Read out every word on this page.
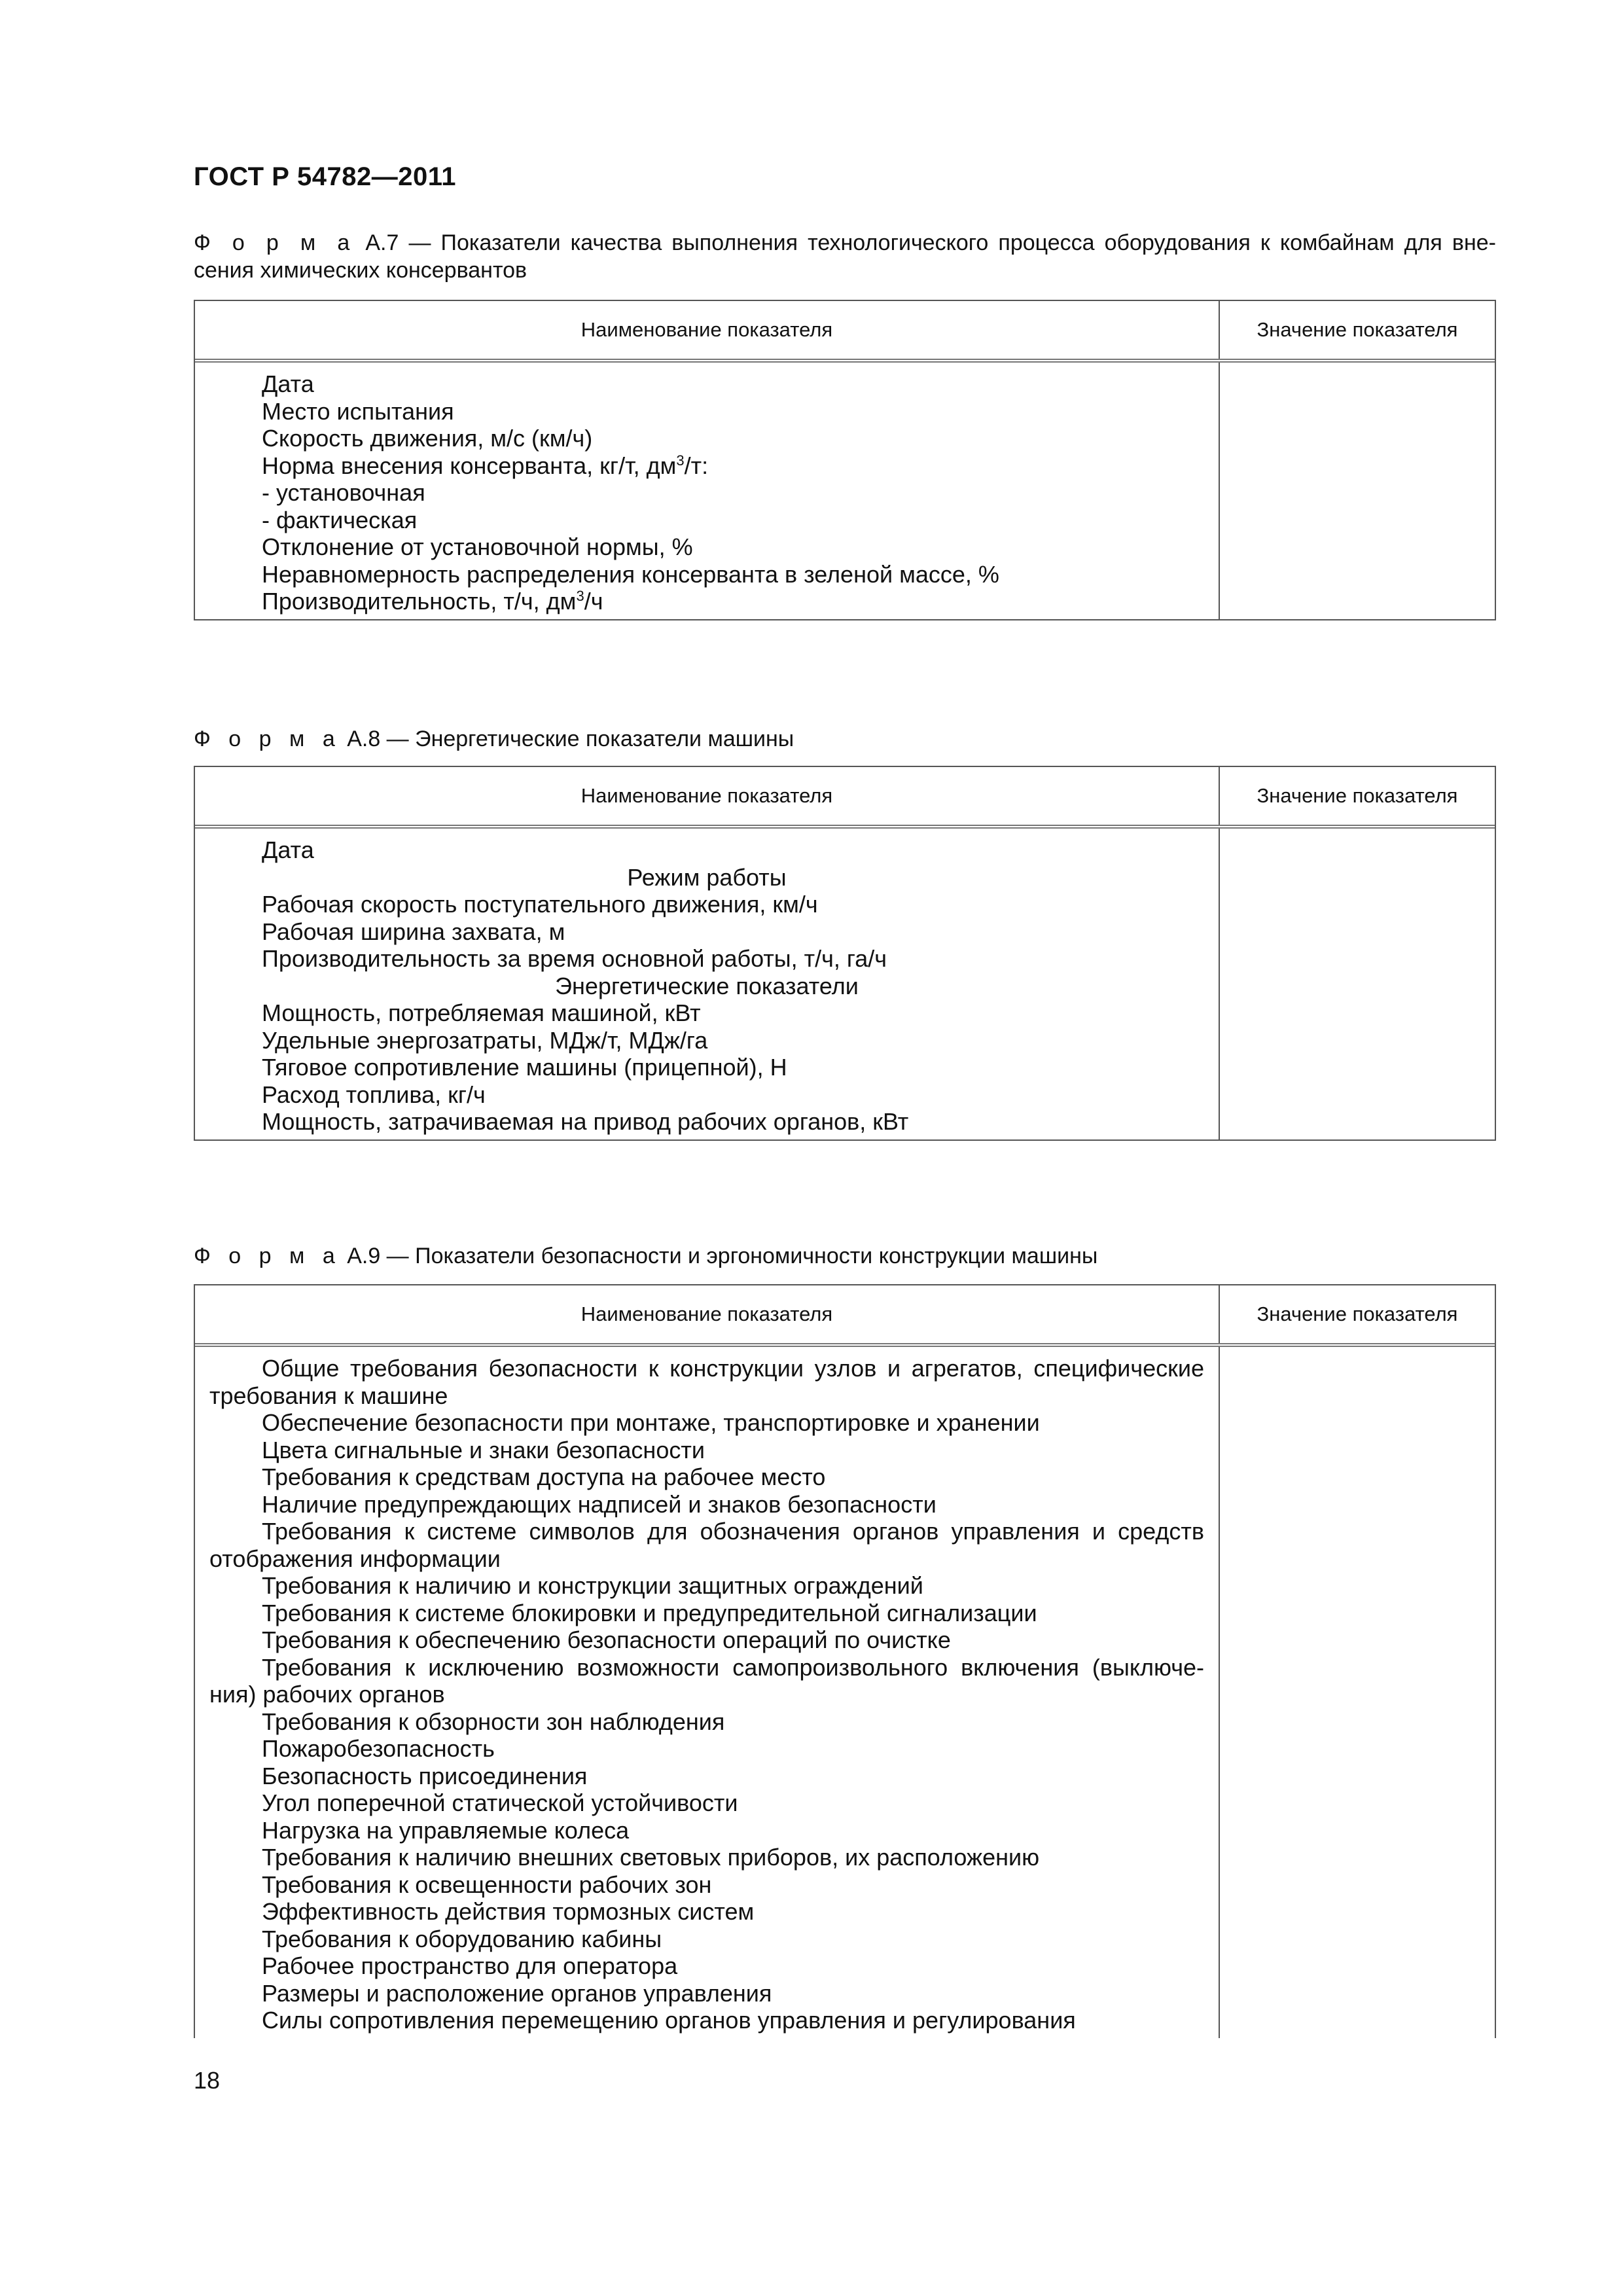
ГОСТ Р 54782—2011
Ф о р м а А.7 — Показатели качества выполнения технологического процесса оборудования к комбайнам для вне-сения химических консервантов
Наименование показателя	Значение показателя
Дата
Место испытания
Скорость движения, м/с (км/ч)
Норма внесения консерванта, кг/т, $дм^3/т$:
- установочная
- фактическая
Отклонение от установочной нормы, %
Неравномерность распределения консерванта в зеленой массе, %
Производительность, т/ч, $дм^3/ч$
Ф о р м а А.8 — Энергетические показатели машины
Наименование показателя	Значение показателя
Дата
Режим работы
Рабочая скорость поступательного движения, км/ч
Рабочая ширина захвата, м
Производительность за время основной работы, т/ч, га/ч
Энергетические показатели
Мощность, потребляемая машиной, кВт
Удельные энергозатраты, МДж/т, МДж/га
Тяговое сопротивление машины (прицепной), Н
Расход топлива, кг/ч
Мощность, затрачиваемая на привод рабочих органов, кВт
Ф о р м а А.9 — Показатели безопасности и эргономичности конструкции машины
Наименование показателя	Значение показателя
Общие требования безопасности к конструкции узлов и агрегатов, специфические требования к машине
Обеспечение безопасности при монтаже, транспортировке и хранении
Цвета сигнальные и знаки безопасности
Требования к средствам доступа на рабочее место
Наличие предупреждающих надписей и знаков безопасности
Требования к системе символов для обозначения органов управления и средств отображения информации
Требования к наличию и конструкции защитных ограждений
Требования к системе блокировки и предупредительной сигнализации
Требования к обеспечению безопасности операций по очистке
Требования к исключению возможности самопроизвольного включения (выключе-ния) рабочих органов
Требования к обзорности зон наблюдения
Пожаробезопасность
Безопасность присоединения
Угол поперечной статической устойчивости
Нагрузка на управляемые колеса
Требования к наличию внешних световых приборов, их расположению
Требования к освещенности рабочих зон
Эффективность действия тормозных систем
Требования к оборудованию кабины
Рабочее пространство для оператора
Размеры и расположение органов управления
Силы сопротивления перемещению органов управления и регулирования
18
